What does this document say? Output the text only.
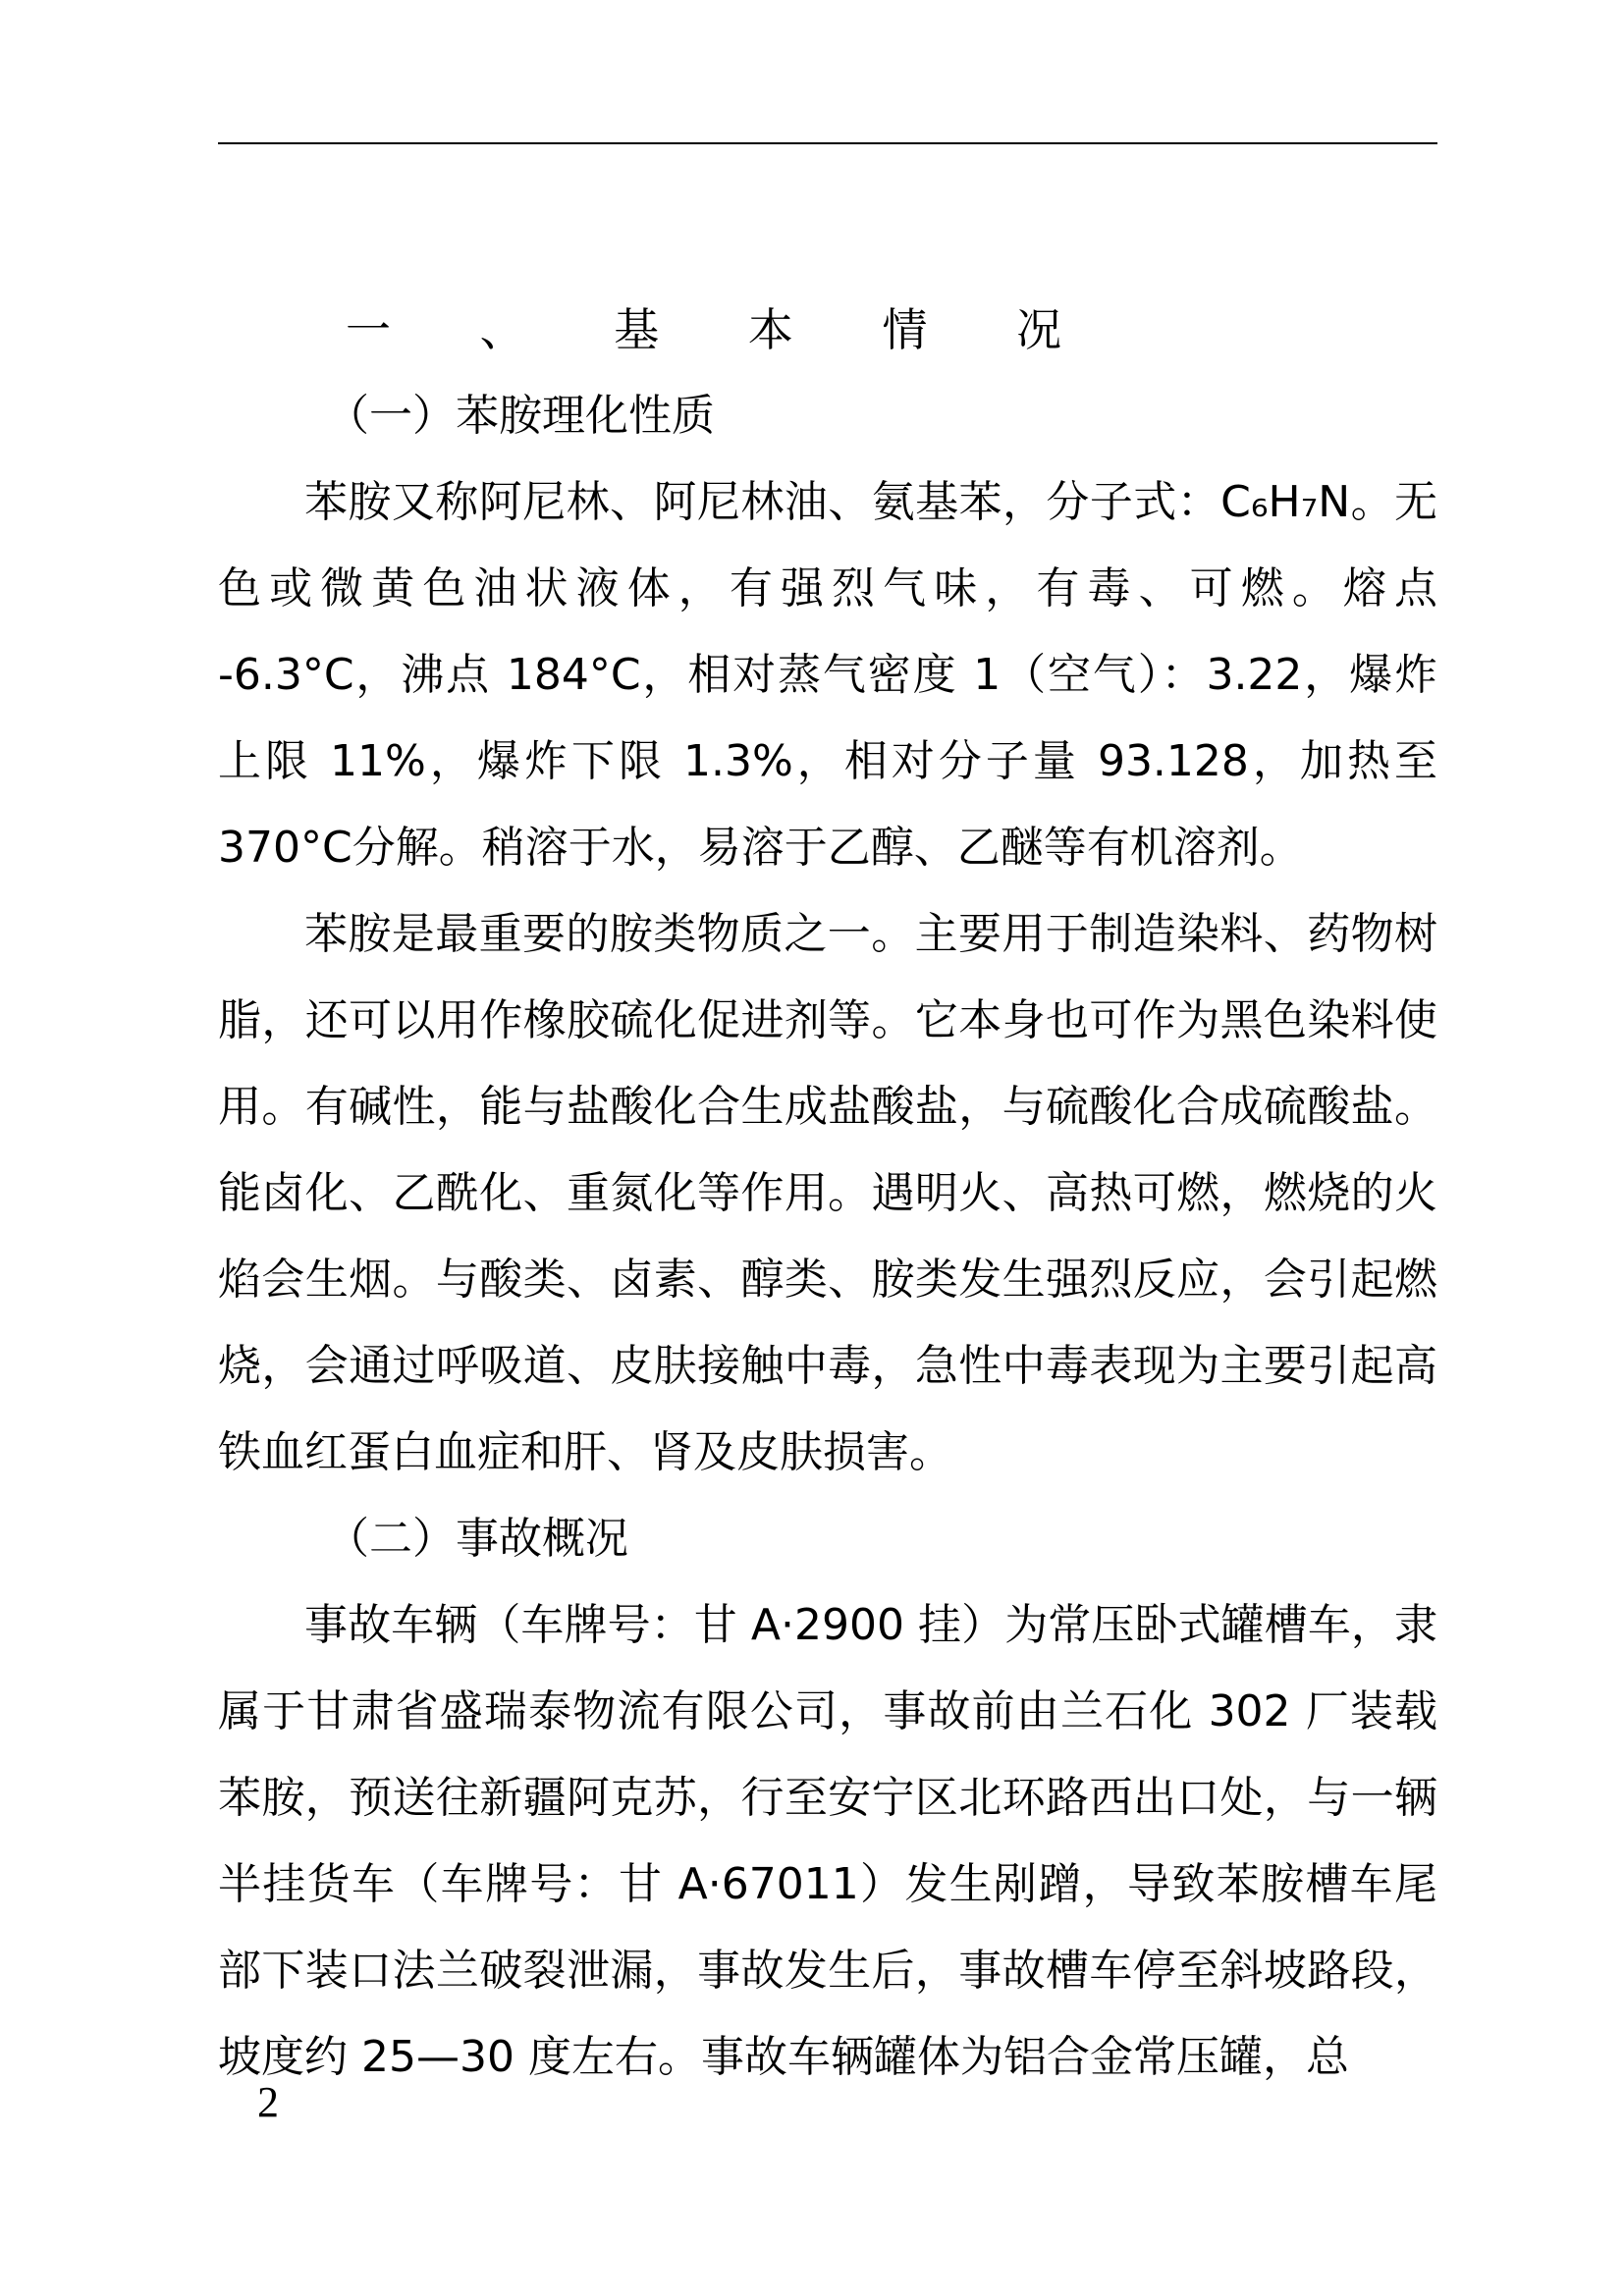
一 、 基 本 情 况
（一）苯胺理化性质

苯胺又称阿尼林、阿尼林油、氨基苯，分子式：C₆H₇N。无色或微黄色油状液体，有强烈气味，有毒、可燃。熔点 -6.3°C，沸点 184°C，相对蒸气密度 1（空气）：3.22，爆炸上限 11%，爆炸下限 1.3%，相对分子量 93.128，加热至 370°C分解。稍溶于水，易溶于乙醇、乙醚等有机溶剂。

苯胺是最重要的胺类物质之一。主要用于制造染料、药物树脂，还可以用作橡胶硫化促进剂等。它本身也可作为黑色染料使用。有碱性，能与盐酸化合生成盐酸盐，与硫酸化合成硫酸盐。能卤化、乙酰化、重氮化等作用。遇明火、高热可燃，燃烧的火焰会生烟。与酸类、卤素、醇类、胺类发生强烈反应，会引起燃烧，会通过呼吸道、皮肤接触中毒，急性中毒表现为主要引起高铁血红蛋白血症和肝、肾及皮肤损害。

（二）事故概况

事故车辆（车牌号：甘 A·2900 挂）为常压卧式罐槽车，隶属于甘肃省盛瑞泰物流有限公司，事故前由兰石化 302 厂装载苯胺，预送往新疆阿克苏，行至安宁区北环路西出口处，与一辆半挂货车（车牌号：甘 A·67011）发生剐蹭，导致苯胺槽车尾部下装口法兰破裂泄漏，事故发生后，事故槽车停至斜坡路段，坡度约 25—30 度左右。事故车辆罐体为铝合金常压罐，总

2
